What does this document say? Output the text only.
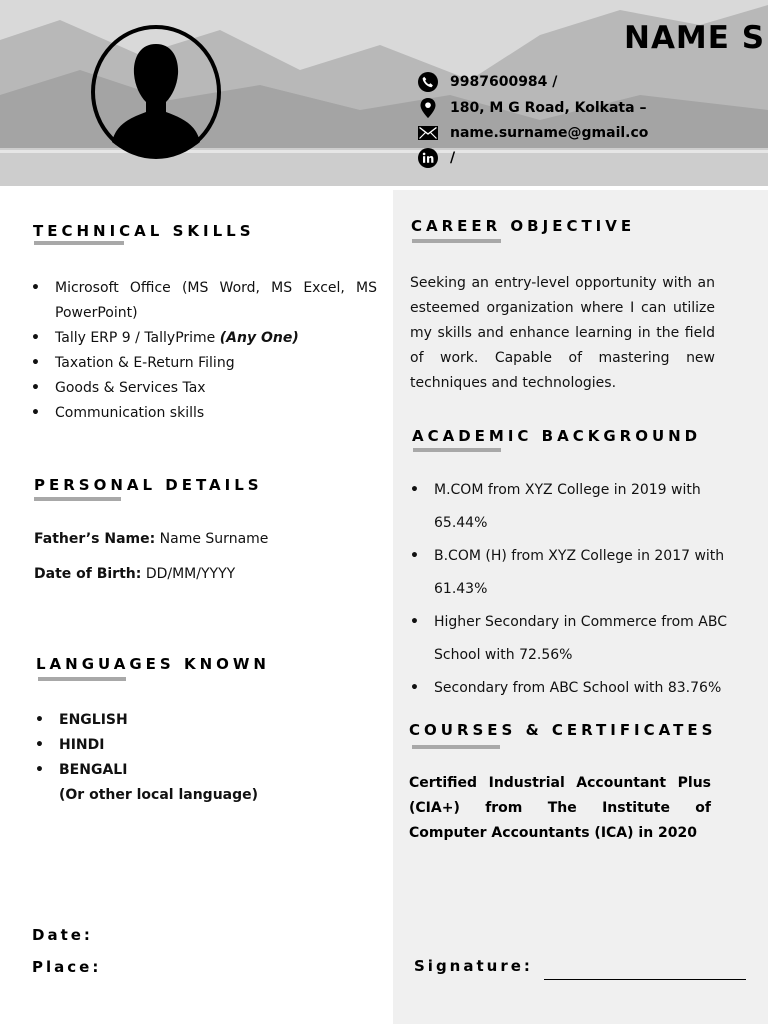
NAME S
9987600984 /
180, M G Road, Kolkata –
name.surname@gmail.co
/
TECHNICAL SKILLS
• Microsoft Office (MS Word, MS Excel, MS PowerPoint)
• Tally ERP 9 / TallyPrime (Any One)
• Taxation & E-Return Filing
• Goods & Services Tax
• Communication skills
PERSONAL DETAILS
Father’s Name: Name Surname
Date of Birth: DD/MM/YYYY
LANGUAGES KNOWN
• ENGLISH
• HINDI
• BENGALI
(Or other local language)
CAREER OBJECTIVE
Seeking an entry-level opportunity with an esteemed organization where I can utilize my skills and enhance learning in the field of work. Capable of mastering new techniques and technologies.
ACADEMIC BACKGROUND
• M.COM from XYZ College in 2019 with 65.44%
• B.COM (H) from XYZ College in 2017 with 61.43%
• Higher Secondary in Commerce from ABC School with 72.56%
• Secondary from ABC School with 83.76%
COURSES & CERTIFICATES
Certified Industrial Accountant Plus (CIA+) from The Institute of Computer Accountants (ICA) in 2020
Date:
Place:	Signature:
